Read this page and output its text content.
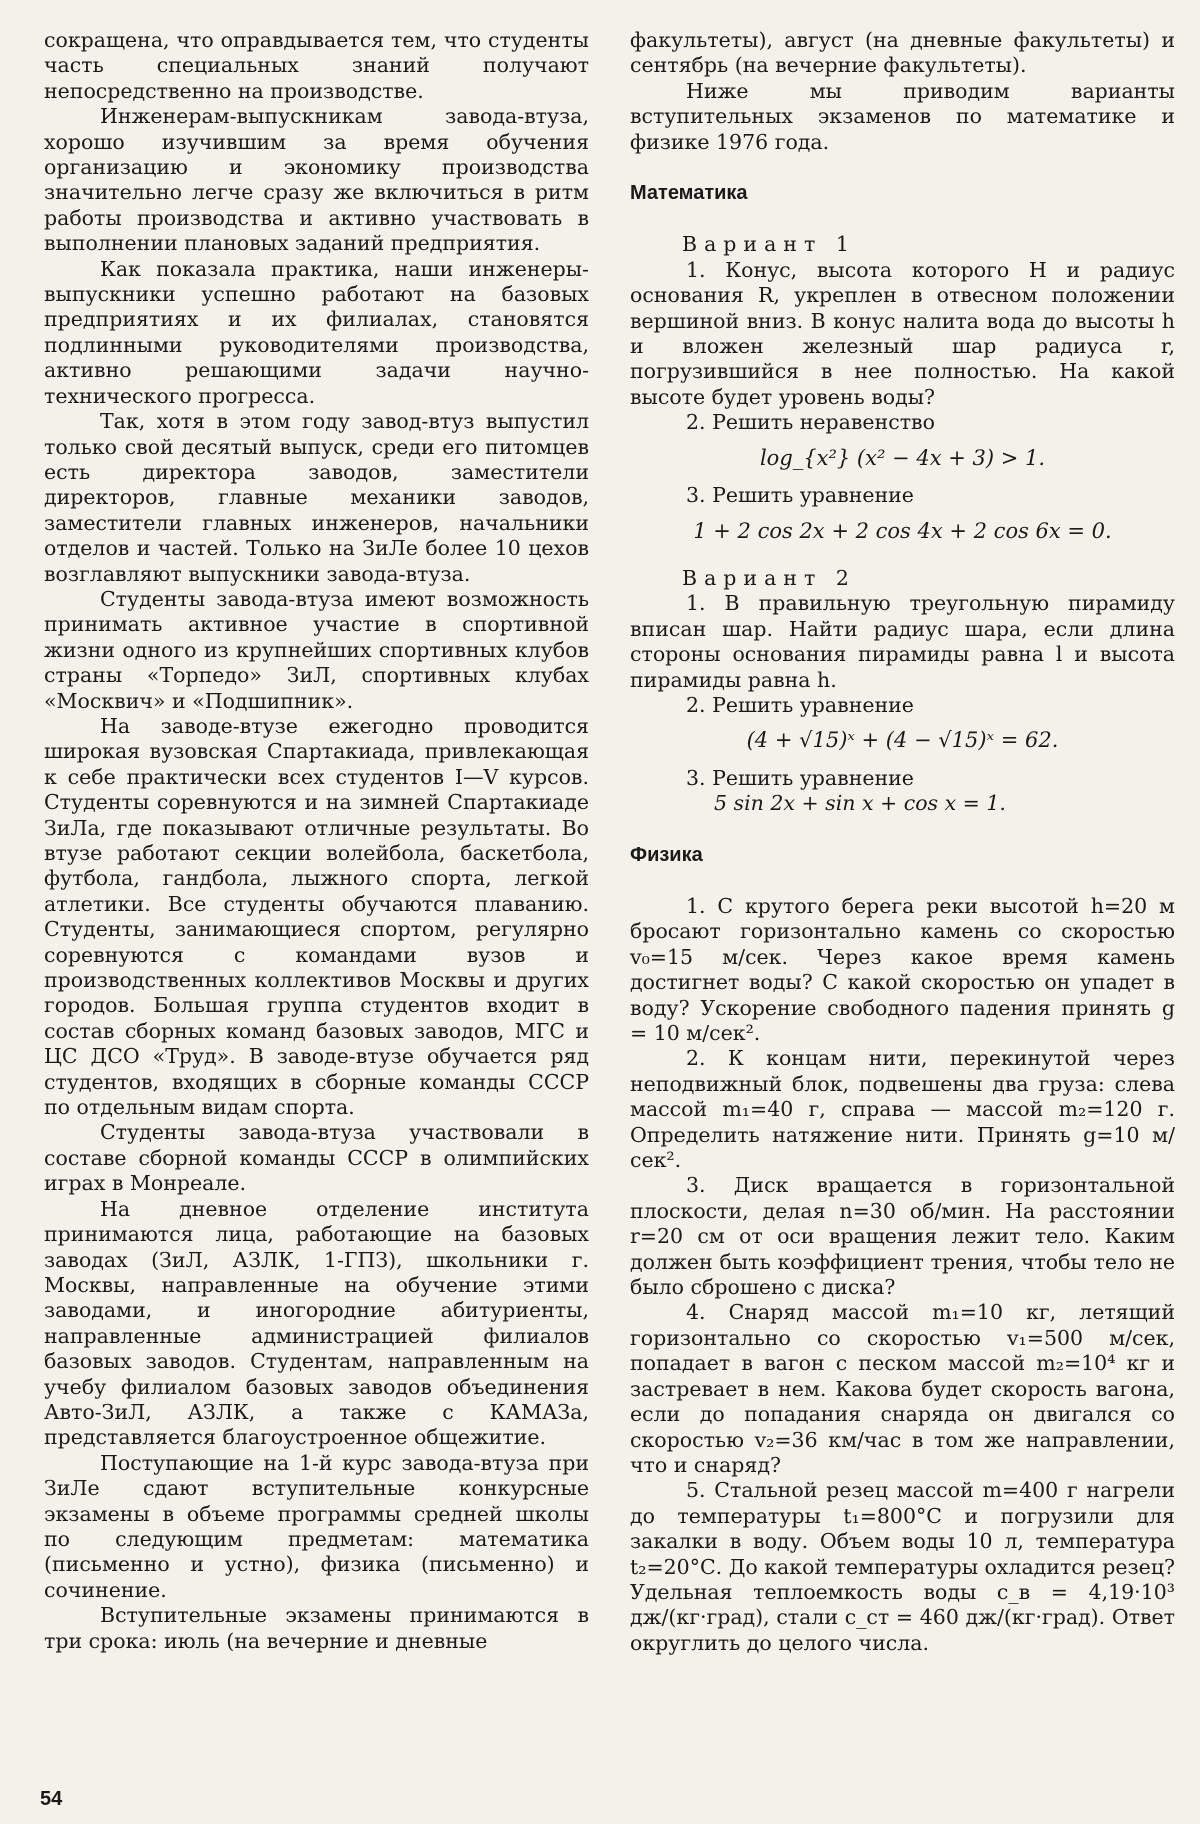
сокращена, что оправдывается тем, что студенты часть специальных знаний получают непосредственно на производстве.

Инженерам-выпускникам завода-втуза, хорошо изучившим за время обучения организацию и экономику производства значительно легче сразу же включиться в ритм работы производства и активно участвовать в выполнении плановых заданий предприятия.

Как показала практика, наши инженеры-выпускники успешно работают на базовых предприятиях и их филиалах, становятся подлинными руководителями производства, активно решающими задачи научно-технического прогресса.

Так, хотя в этом году завод-втуз выпустил только свой десятый выпуск, среди его питомцев есть директора заводов, заместители директоров, главные механики заводов, заместители главных инженеров, начальники отделов и частей. Только на ЗиЛе более 10 цехов возглавляют выпускники завода-втуза.

Студенты завода-втуза имеют возможность принимать активное участие в спортивной жизни одного из крупнейших спортивных клубов страны «Торпедо» ЗиЛ, спортивных клубах «Москвич» и «Подшипник».

На заводе-втузе ежегодно проводится широкая вузовская Спартакиада, привлекающая к себе практически всех студентов I—V курсов. Студенты соревнуются и на зимней Спартакиаде ЗиЛа, где показывают отличные результаты. Во втузе работают секции волейбола, баскетбола, футбола, гандбола, лыжного спорта, легкой атлетики. Все студенты обучаются плаванию. Студенты, занимающиеся спортом, регулярно соревнуются с командами вузов и производственных коллективов Москвы и других городов. Большая группа студентов входит в состав сборных команд базовых заводов, МГС и ЦС ДСО «Труд». В заводе-втузе обучается ряд студентов, входящих в сборные команды СССР по отдельным видам спорта.

Студенты завода-втуза участвовали в составе сборной команды СССР в олимпийских играх в Монреале.

На дневное отделение института принимаются лица, работающие на базовых заводах (ЗиЛ, АЗЛК, 1-ГПЗ), школьники г. Москвы, направленные на обучение этими заводами, и иногородние абитуриенты, направленные администрацией филиалов базовых заводов. Студентам, направленным на учебу филиалом базовых заводов объединения Авто-ЗиЛ, АЗЛК, а также с КАМАЗа, представляется благоустроенное общежитие.

Поступающие на 1-й курс завода-втуза при ЗиЛе сдают вступительные конкурсные экзамены в объеме программы средней школы по следующим предметам: математика (письменно и устно), физика (письменно) и сочинение.

Вступительные экзамены принимаются в три срока: июль (на вечерние и дневные

факультеты), август (на дневные факультеты) и сентябрь (на вечерние факультеты).

Ниже мы приводим варианты вступительных экзаменов по математике и физике 1976 года.

Математика
Вариант 1

1. Конус, высота которого H и радиус основания R, укреплен в отвесном положении вершиной вниз. В конус налита вода до высоты h и вложен железный шар радиуса r, погрузившийся в нее полностью. На какой высоте будет уровень воды?

2. Решить неравенство

log_{x²} (x² − 4x + 3) > 1.

3. Решить уравнение

1 + 2 cos 2x + 2 cos 4x + 2 cos 6x = 0.
Вариант 2

1. В правильную треугольную пирамиду вписан шар. Найти радиус шара, если длина стороны основания пирамиды равна l и высота пирамиды равна h.

2. Решить уравнение

(4 + √15)ˣ + (4 − √15)ˣ = 62.

3. Решить уравнение

5 sin 2x + sin x + cos x = 1.
Физика

1. С крутого берега реки высотой h=20 м бросают горизонтально камень со скоростью v₀=15 м/сек. Через какое время камень достигнет воды? С какой скоростью он упадет в воду? Ускорение свободного падения принять g = 10 м/сек².

2. К концам нити, перекинутой через неподвижный блок, подвешены два груза: слева массой m₁=40 г, справа — массой m₂=120 г. Определить натяжение нити. Принять g=10 м/сек².

3. Диск вращается в горизонтальной плоскости, делая n=30 об/мин. На расстоянии r=20 см от оси вращения лежит тело. Каким должен быть коэффициент трения, чтобы тело не было сброшено с диска?

4. Снаряд массой m₁=10 кг, летящий горизонтально со скоростью v₁=500 м/сек, попадает в вагон с песком массой m₂=10⁴ кг и застревает в нем. Какова будет скорость вагона, если до попадания снаряда он двигался со скоростью v₂=36 км/час в том же направлении, что и снаряд?

5. Стальной резец массой m=400 г нагрели до температуры t₁=800°С и погрузили для закалки в воду. Объем воды 10 л, температура t₂=20°С. До какой температуры охладится резец? Удельная теплоемкость воды c_в = 4,19·10³ дж/(кг·град), стали c_ст = 460 дж/(кг·град). Ответ округлить до целого числа.

54
